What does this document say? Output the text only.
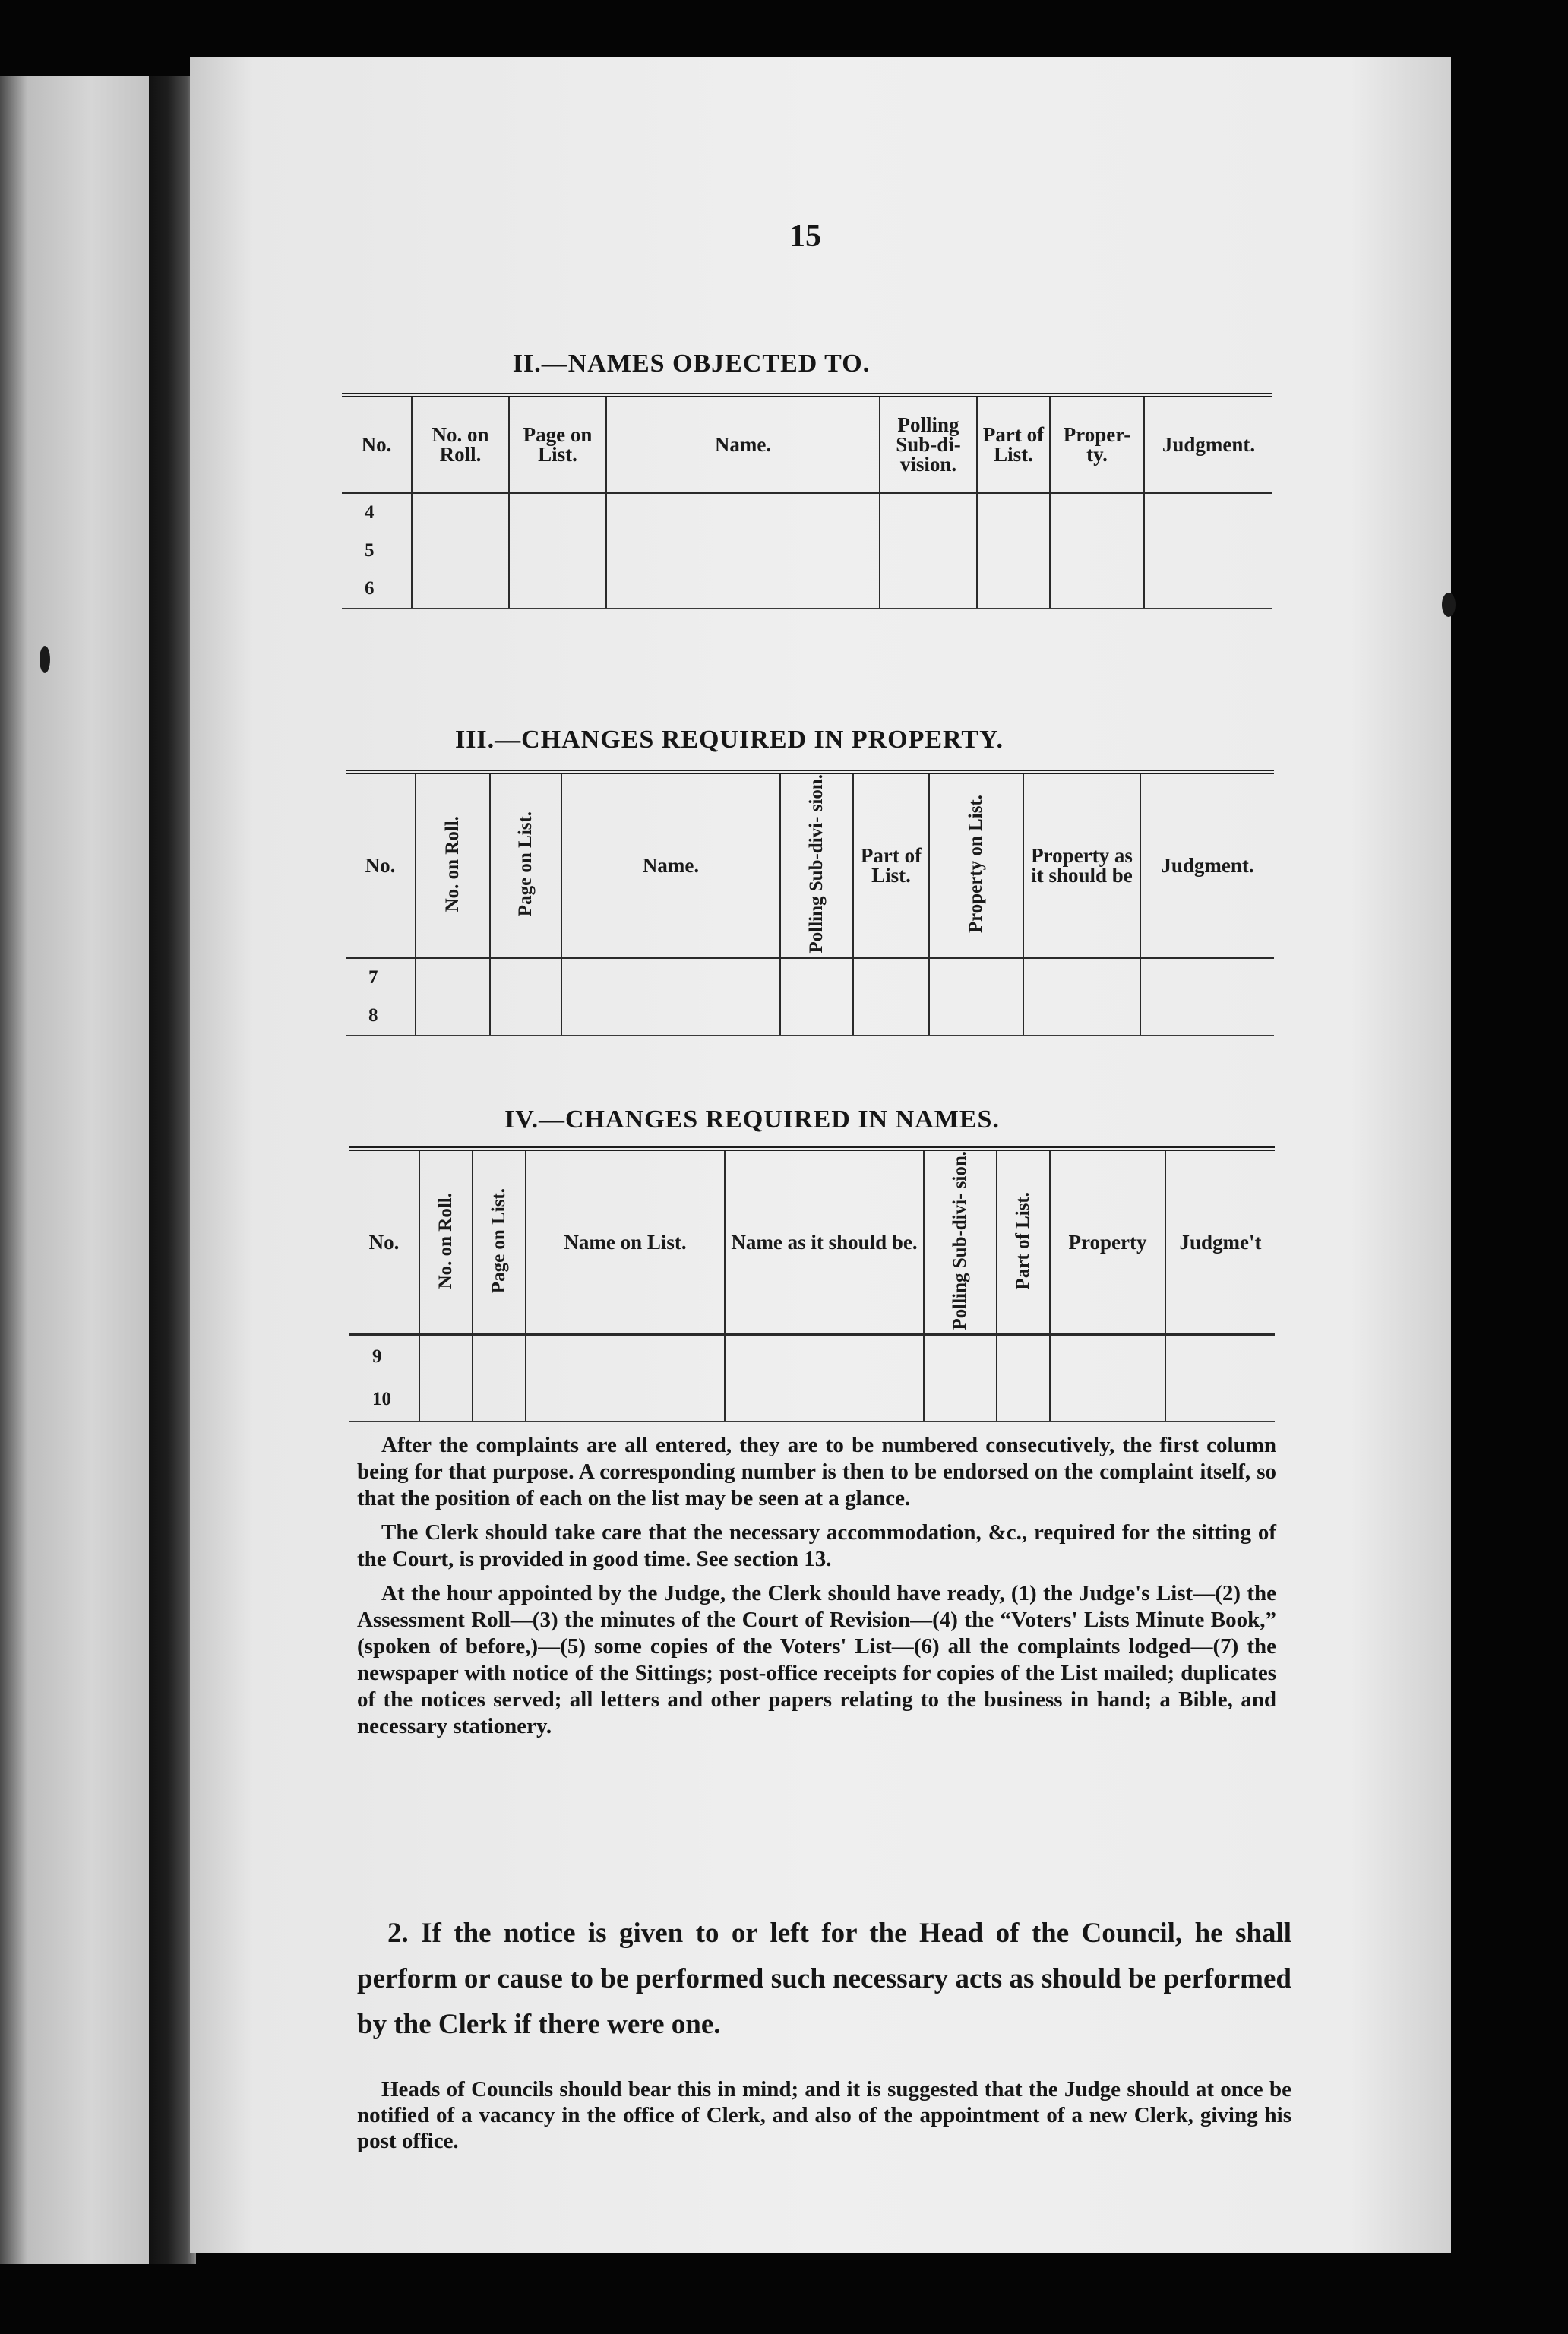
15
II.—NAMES OBJECTED TO.
No.	No. on Roll.	Page on List.	Name.	Polling Sub-di- vision.	Part of List.	Proper- ty.	Judgment.
4							
5							
6							
III.—CHANGES REQUIRED IN PROPERTY.
No.	No. on Roll.	Page on List.	Name.	Polling Sub-divi- sion.	Part of List.	Property on List.	Property as it should be	Judgment.
7								
8								
IV.—CHANGES REQUIRED IN NAMES.
No.	No. on Roll.	Page on List.	Name on List.	Name as it should be.	Polling Sub-divi- sion.	Part of List.	Property	Judgme't
9								
10								

After the complaints are all entered, they are to be numbered consecutively, the first column being for that purpose. A corresponding number is then to be endorsed on the complaint itself, so that the position of each on the list may be seen at a glance.

The Clerk should take care that the necessary accommodation, &c., required for the sitting of the Court, is provided in good time. See section 13.

At the hour appointed by the Judge, the Clerk should have ready, (1) the Judge's List—(2) the Assessment Roll—(3) the minutes of the Court of Revision—(4) the “Voters' Lists Minute Book,” (spoken of before,)—(5) some copies of the Voters' List—(6) all the complaints lodged—(7) the newspaper with notice of the Sittings; post-office receipts for copies of the List mailed; duplicates of the notices served; all letters and other papers relating to the business in hand; a Bible, and necessary stationery.

2. If the notice is given to or left for the Head of the Council, he shall perform or cause to be performed such necessary acts as should be performed by the Clerk if there were one.

Heads of Councils should bear this in mind; and it is suggested that the Judge should at once be notified of a vacancy in the office of Clerk, and also of the appointment of a new Clerk, giving his post office.
